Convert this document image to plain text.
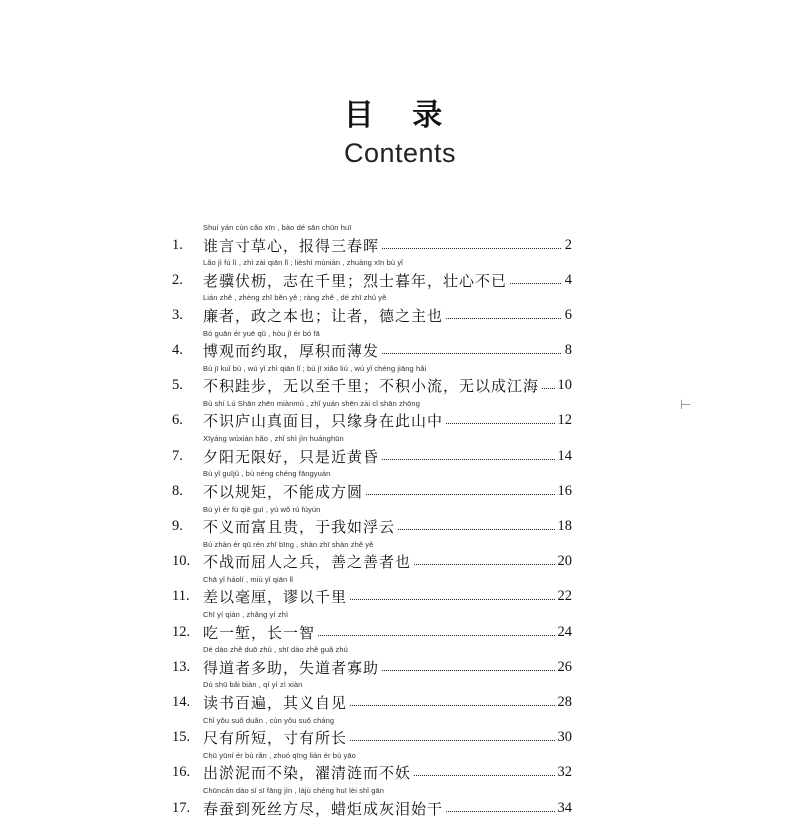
目 录
Contents
Shuí yán cùn cǎo xīn , bào dé sān chūn huī
1.	谁言寸草心，报得三春晖	2
Lǎo jì fú lì , zhì zài qiān lǐ ; lièshì mùnián , zhuàng xīn bù yǐ
2.	老骥伏枥，志在千里；烈士暮年，壮心不已	4
Lián zhě , zhèng zhī běn yě ; ràng zhě , dé zhī zhǔ yě
3.	廉者，政之本也；让者，德之主也	6
Bó guān ér yuē qǔ , hòu jī ér bó fā
4.	博观而约取，厚积而薄发	8
Bù jī kuǐ bù , wú yǐ zhì qiān lǐ ; bù jī xiǎo liú , wú yǐ chéng jiāng hǎi
5.	不积跬步，无以至千里；不积小流，无以成江海 10
Bù shí Lú Shān zhēn miànmù , zhǐ yuán shēn zài cǐ shān zhōng
6.	不识庐山真面目，只缘身在此山中	12
Xīyáng wúxiàn hǎo , zhǐ shì jìn huánghūn
7.	夕阳无限好，只是近黄昏	14
Bù yǐ guījǔ , bù néng chéng fāngyuán
8.	不以规矩，不能成方圆	16
Bù yì ér fù qiě guì , yú wǒ rú fúyún
9.	不义而富且贵，于我如浮云	18
Bú zhàn ér qū rén zhī bīng , shàn zhī shàn zhě yě
10. 不战而屈人之兵，善之善者也	20
Chā yǐ háolí , miù yǐ qiān lǐ
11. 差以毫厘，谬以千里	22
Chī yí qiàn , zhǎng yí zhì
12. 吃一堑，长一智	24
Dé dào zhě duō zhù , shī dào zhě guǎ zhù
13. 得道者多助，失道者寡助	26
Dú shū bǎi biàn , qí yì zì xiàn
14. 读书百遍，其义自见	28
Chǐ yǒu suǒ duǎn , cùn yǒu suǒ cháng
15. 尺有所短，寸有所长	30
Chū yūní ér bù rǎn , zhuó qīng lián ér bù yāo
16. 出淤泥而不染，濯清涟而不妖	32
Chūncán dào sǐ sī fāng jìn , làjù chéng huī lèi shǐ gān
17. 春蚕到死丝方尽，蜡炬成灰泪始干	34
⊢
